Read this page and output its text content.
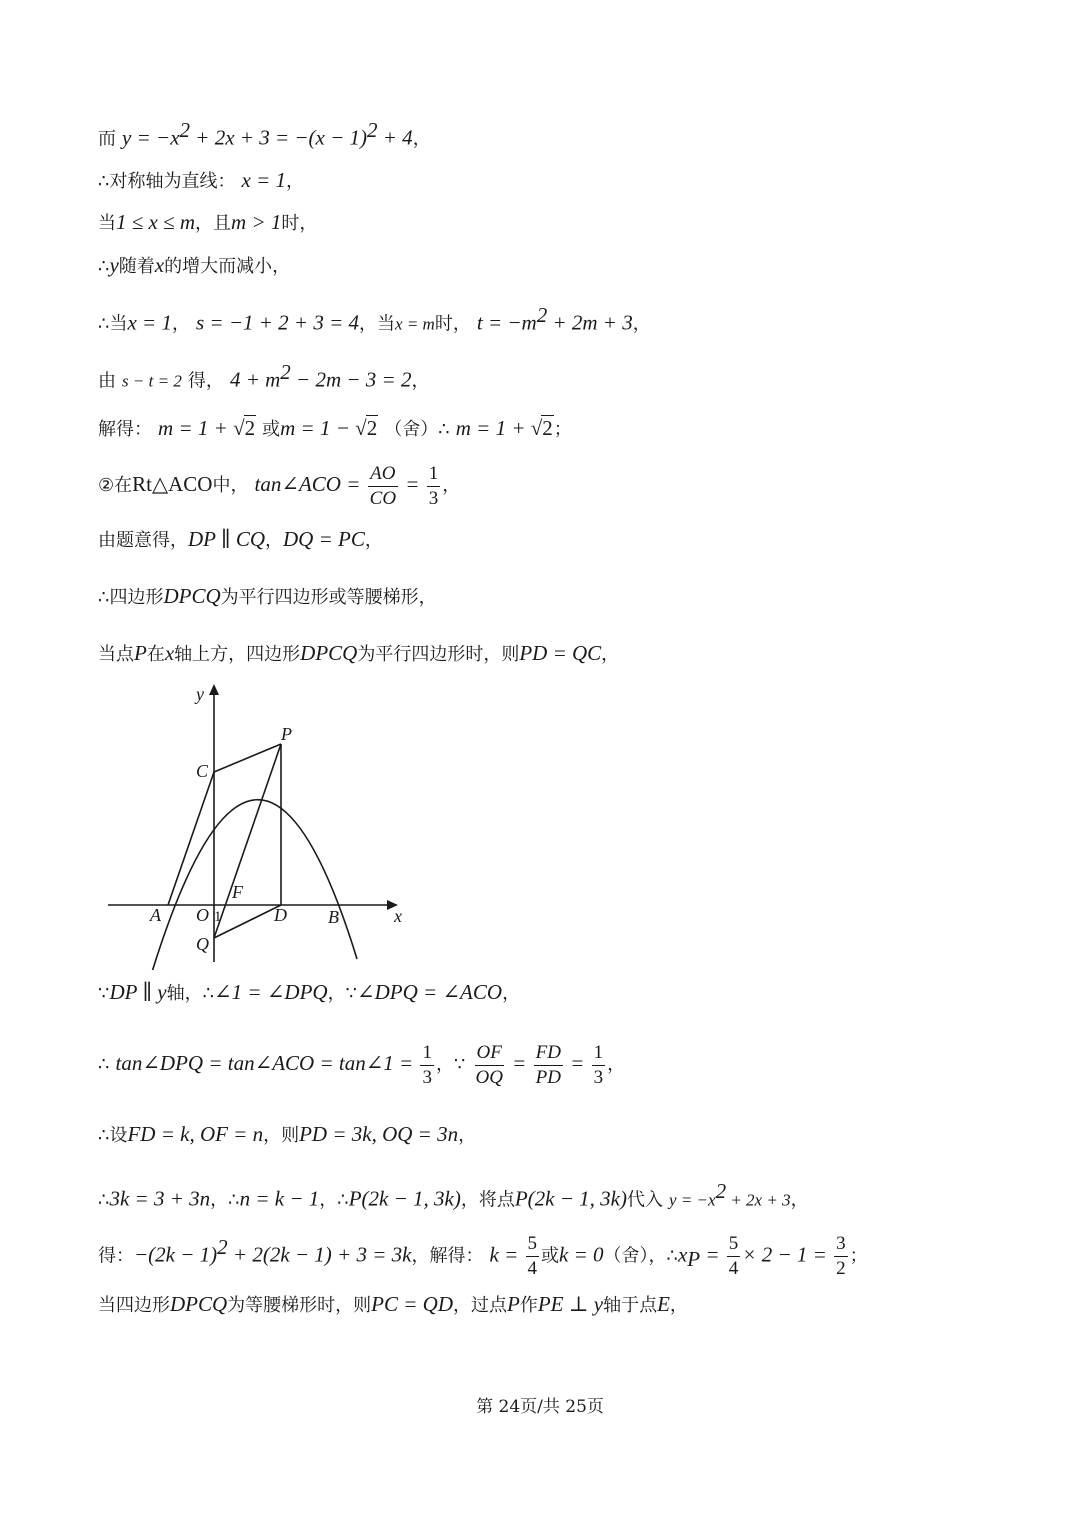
而 $y = -x^2 + 2x + 3 = -(x - 1)^2 + 4$，
∴对称轴为直线： x = 1，
当1 ≤ x ≤ m，且m > 1时，
∴y随着x的增大而减小，
∴当x = 1， s = −1 + 2 + 3 = 4，当x = m时， $t = -m^2 + 2m + 3$，
由 s − t = 2 得， $4 + m^2 - 2m - 3 = 2$，
解得： m = 1 + √2 或m = 1 − √2 （舍）∴ m = 1 + √2；
②在Rt△ACO中， tan∠ACO = $\frac{AO}{CO} = \frac{1}{3}$ ，
由题意得，DP ∥ CQ，DQ = PC，
∴四边形DPCQ为平行四边形或等腰梯形，
当点P在x轴上方，四边形DPCQ为平行四边形时，则PD = QC，
y
x
P
C
F
A O 1	D B
Q
∵DP ∥ y轴，∴∠1 = ∠DPQ，∵∠DPQ = ∠ACO，
∴ tan∠DPQ = tan∠ACO = tan∠1 = $\frac{1}{3}$ ，∵ $\frac{OF}{OQ} = \frac{FD}{PD} = \frac{1}{3}$ ，
∴设FD = k, OF = n，则PD = 3k, OQ = 3n，
∴3k = 3 + 3n，∴n = k − 1，∴P(2k − 1, 3k)，将点P(2k − 1, 3k)代入 $y = -x^2 + 2x + 3$，
得：$-(2k - 1)^2 + 2(2k - 1) + 3 = 3k$，解得： $k = \frac{5}{4}$ 或k = 0（舍），$\therefore x_P = \frac{5}{4} \times 2 - 1 = \frac{3}{2}$ ；
当四边形DPCQ为等腰梯形时，则PC = QD，过点P作PE ⊥ y轴于点E，
第 24页/共 25页
